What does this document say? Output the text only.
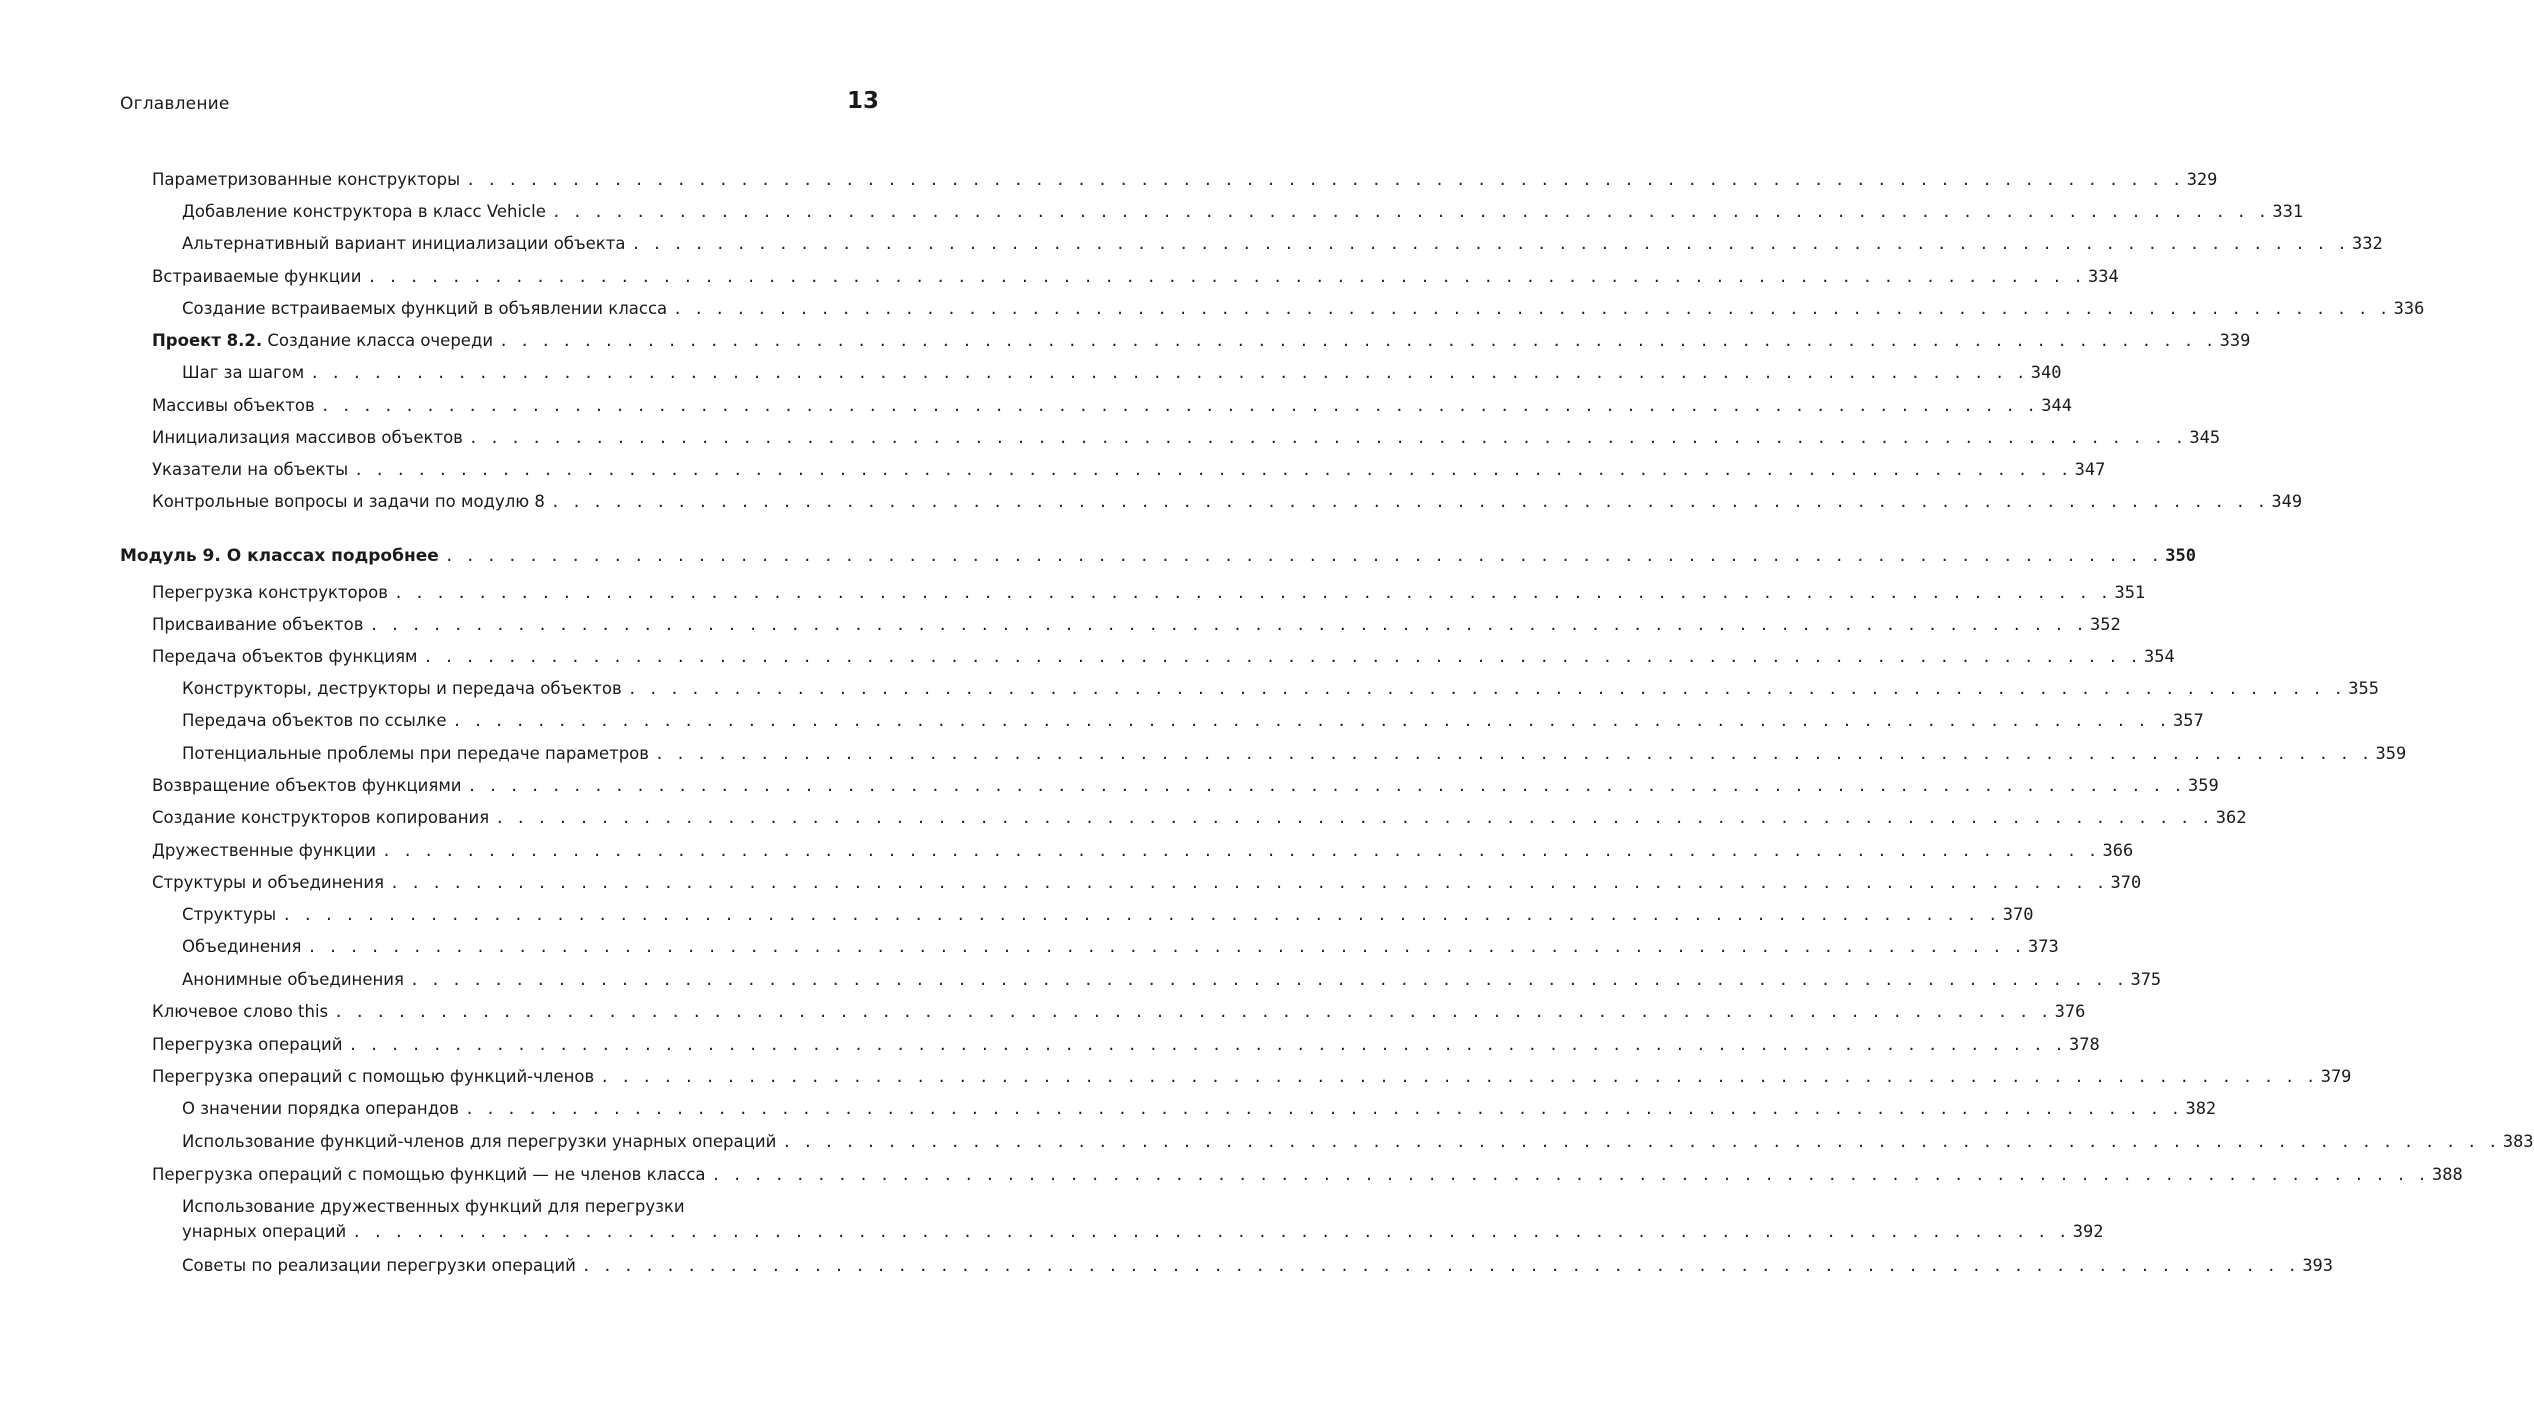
Оглавление	13
Параметризованные конструкторы . . .	329
Добавление конструктора в класс Vehicle . . .	331
Альтернативный вариант инициализации объекта . . .	332
Встраиваемые функции . . .	334
Создание встраиваемых функций в объявлении класса . . .	336
Проект 8.2. Создание класса очереди . . .	339
Шаг за шагом . . .	340
Массивы объектов . . .	344
Инициализация массивов объектов . . .	345
Указатели на объекты . . .	347
Контрольные вопросы и задачи по модулю 8 . . .	349
Модуль 9. О классах подробнее . . .	350
Перегрузка конструкторов . . .	351
Присваивание объектов . . .	352
Передача объектов функциям . . .	354
Конструкторы, деструкторы и передача объектов . . .	355
Передача объектов по ссылке . . .	357
Потенциальные проблемы при передаче параметров . . .	359
Возвращение объектов функциями . . .	359
Создание конструкторов копирования . . .	362
Дружественные функции . . .	366
Структуры и объединения . . .	370
Структуры . . .	370
Объединения . . .	373
Анонимные объединения . . .	375
Ключевое слово this . . .	376
Перегрузка операций . . .	378
Перегрузка операций с помощью функций-членов . . .	379
О значении порядка операндов . . .	382
Использование функций-членов для перегрузки унарных операций . . .	383
Перегрузка операций с помощью функций — не членов класса . . .	388
Использование дружественных функций для перегрузки
унарных операций . . .	392
Советы по реализации перегрузки операций . . .	393
